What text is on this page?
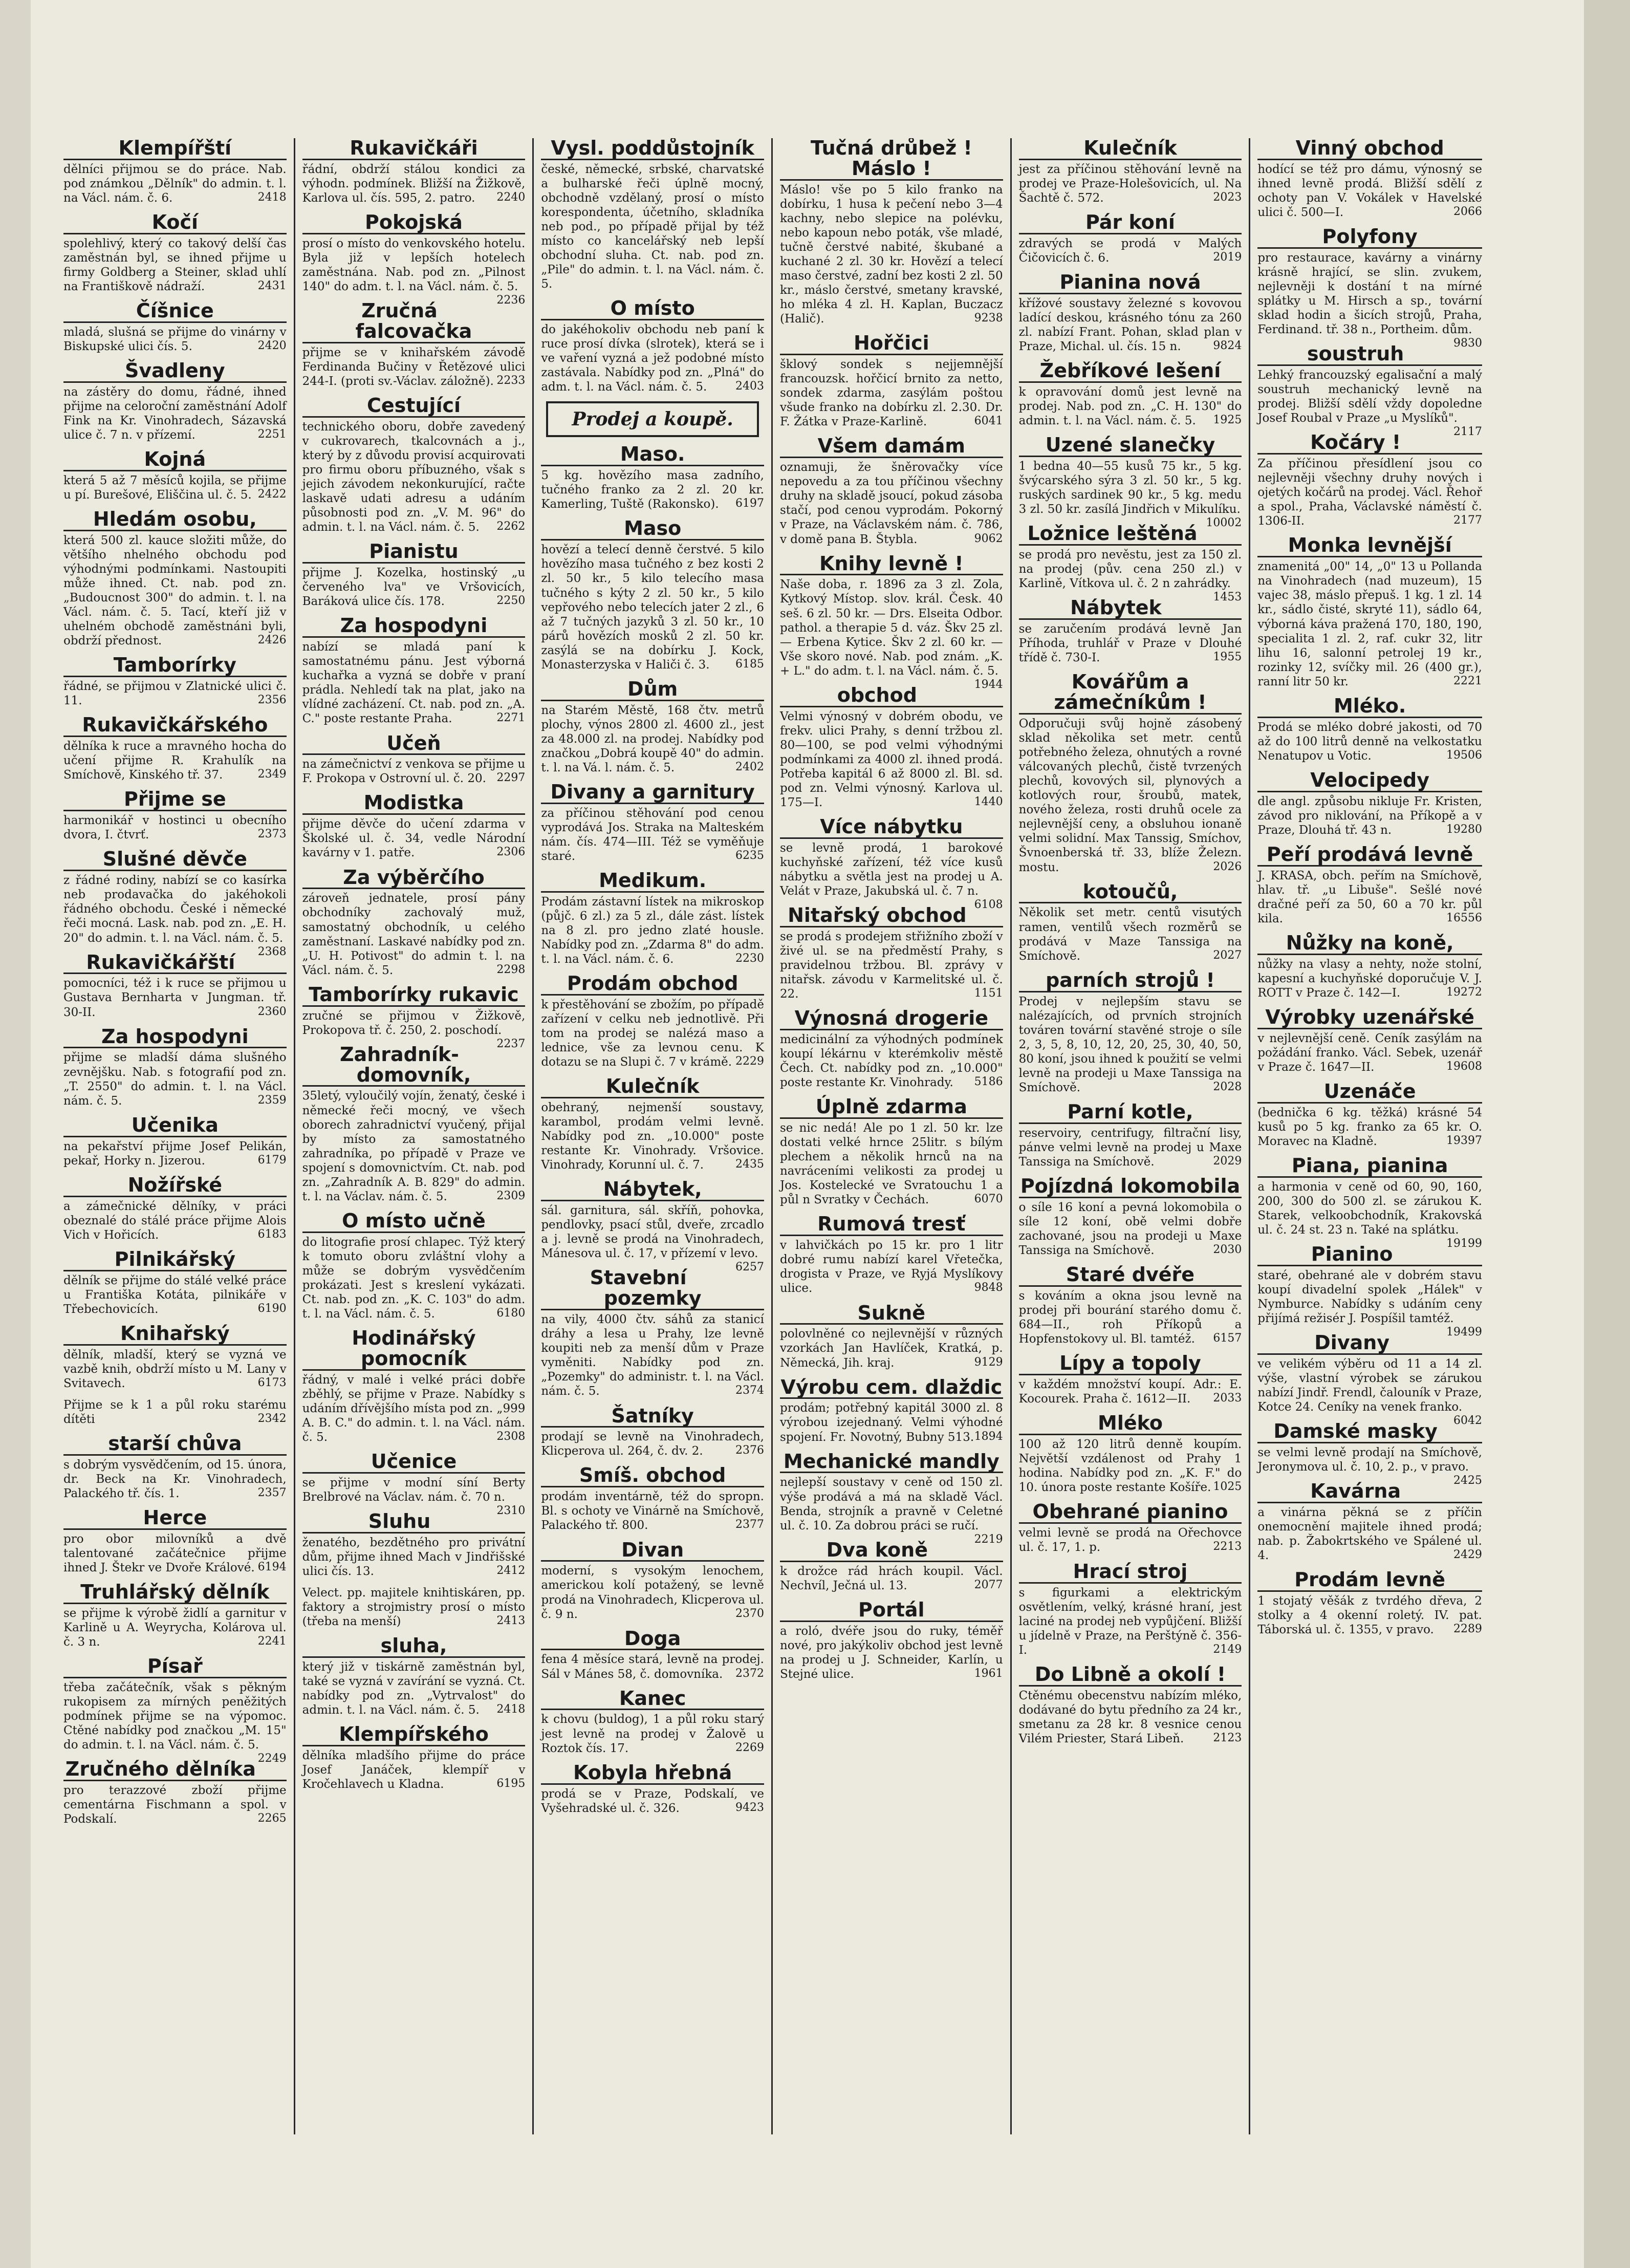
Klempířští
dělníci přijmou se do práce. Nab. pod známkou „Dělník" do admin. t. l. na Václ. nám. č. 6.	2418
Kočí
spolehlivý, který co takový delší čas zaměstnán byl, se ihned přijme u firmy Goldberg a Steiner, sklad uhlí na Františkově nádraží.	2431
Číšnice
mladá, slušná se přijme do vinárny v Biskupské ulici čís. 5.	2420
Švadleny
na zástěry do domu, řádné, ihned přijme na celoroční zaměstnání Adolf Fink na Kr. Vinohradech, Sázavská ulice č. 7 n. v přízemí.	2251
Kojná
která 5 až 7 měsíců kojila, se přijme u pí. Burešové, Eliščina ul. č. 5. 2422
Hledám osobu,
která 500 zl. kauce složiti může, do většího nhelného obchodu pod výhodnými podmínkami. Nastoupiti může ihned. Ct. nab. pod zn. „Budoucnost 300" do admin. t. l. na Václ. nám. č. 5. Tací, kteří již v uhelném obchodě zaměstnáni byli, obdrží přednost.	2426
Tamborírky
řádné, se přijmou v Zlatnické ulici č. 11.	2356
Rukavičkářského
dělníka k ruce a mravného hocha do učení přijme R. Krahulík na Smíchově, Kinského tř. 37.	2349
Přijme se
harmonikář v hostinci u obecního dvora, I. čtvrť.	2373
Slušné děvče
z řádné rodiny, nabízí se co kasírka neb prodavačka do jakéhokoli řádného obchodu. České i německé řeči mocná. Lask. nab. pod zn. „E. H. 20" do admin. t. l. na Václ. nám. č. 5.
2368
Rukavičkářští
pomocníci, též i k ruce se přijmou u Gustava Bernharta v Jungman. tř. 30-II.	2360
Za hospodyni
přijme se mladší dáma slušného zevnějšku. Nab. s fotografií pod zn. „T. 2550" do admin. t. l. na Václ. nám. č. 5.	2359
Učenika
na pekařství přijme Josef Pelikán, pekař, Horky n. Jizerou.	6179
Nožířské
a zámečnické dělníky, v práci obeznalé do stálé práce přijme Alois Vich v Hořicích.	6183
Pilnikářský
dělník se přijme do stálé velké práce u Františka Kotáta, pilnikáře v Třebechovicích.	6190
Knihařský
dělník, mladší, který se vyzná ve vazbě knih, obdrží místo u M. Lany v Svitavech.	6173
Přijme se k 1 a půl roku starému dítěti	2342
starší chůva
s dobrým vysvědčením, od 15. února, dr. Beck na Kr. Vinohradech, Palackého tř. čís. 1.	2357
Herce
pro obor milovníků a dvě talentované začátečnice přijme ihned J. Štekr ve Dvoře Králové. 6194
Truhlářský dělník
se přijme k výrobě židlí a garnitur v Karlině u A. Weyrycha, Kolárova ul. č. 3 n.	2241
Písař
třeba začátečník, však s pěkným rukopisem za mírných peněžitých podmínek přijme se na výpomoc. Ctěné nabídky pod značkou „M. 15" do admin. t. l. na Václ. nám. č. 5.
2249
Zručného dělníka
pro terazzové zboží přijme cementárna Fischmann a spol. v Podskalí.	2265
Rukavičkáři
řádní, obdrží stálou kondici za výhodn. podmínek. Bližší na Žižkově, Karlova ul. čís. 595, 2. patro. 2240
Pokojská
prosí o místo do venkovského hotelu. Byla již v lepších hotelech zaměstnána. Nab. pod zn. „Pilnost 140" do adm. t. l. na Václ. nám. č. 5.
2236
Zručná falcovačka
přijme se v knihařském závodě Ferdinanda Bučiny v Řetězové ulici 244-I. (proti sv.-Václav. záložně). 2233
Cestující
technického oboru, dobře zavedený v cukrovarech, tkalcovnách a j., který by z důvodu provisí acquirovati pro firmu oboru příbuzného, však s jejich závodem nekonkurující, račte laskavě udati adresu a udáním působnosti pod zn. „V. M. 96" do admin. t. l. na Václ. nám. č. 5. 2262
Pianistu
přijme J. Kozelka, hostinský „u červeného lva" ve Vršovicích, Baráková ulice čís. 178.	2250
Za hospodyni
nabízí se mladá paní k samostatnému pánu. Jest výborná kuchařka a vyzná se dobře v praní prádla. Nehledí tak na plat, jako na vlídné zacházení. Ct. nab. pod zn. „A. C." poste restante Praha.	2271
Učeň
na zámečnictví z venkova se přijme u F. Prokopa v Ostrovní ul. č. 20. 2297
Modistka
přijme děvče do učení zdarma v Školské ul. č. 34, vedle Národní kavárny v 1. patře.	2306
Za výběrčího
zároveň jednatele, prosí pány obchodníky zachovalý muž, samostatný obchodník, u celého zaměstnaní. Laskavé nabídky pod zn. „U. H. Potivost" do admin t. l. na Václ. nám. č. 5.	2298
Tamborírky rukavic
zručné se přijmou v Žižkově, Prokopova tř. č. 250, 2. poschodí.
2237
Zahradník-domovník,
35letý, vyloučilý vojín, ženatý, české i německé řeči mocný, ve všech oborech zahradnictví vyučený, přijal by místo za samostatného zahradníka, po případě v Praze ve spojení s domovnictvím. Ct. nab. pod zn. „Zahradník A. B. 829" do admin. t. l. na Václav. nám. č. 5.	2309
O místo učně
do litografie prosí chlapec. Týž který k tomuto oboru zvláštní vlohy a může se dobrým vysvědčením prokázati. Jest s kreslení vykázati. Ct. nab. pod zn. „K. C. 103" do adm. t. l. na Václ. nám. č. 5.	6180
Hodinářský pomocník
řádný, v malé i velké práci dobře zběhlý, se přijme v Praze. Nabídky s udáním dřívějšího místa pod zn. „999 A. B. C." do admin. t. l. na Václ. nám. č. 5.	2308
Učenice
se přijme v modní síní Berty Brelbrové na Václav. nám. č. 70 n.
2310
Sluhu
ženatého, bezdětného pro privátní dům, přijme ihned Mach v Jindřišské ulici čís. 13.	2412
Velect. pp. majitele knihtiskáren, pp. faktory a strojmistry prosí o místo (třeba na menší)	2413
sluha,
který již v tiskárně zaměstnán byl, také se vyzná v zavírání se vyzná. Ct. nabídky pod zn. „Vytrvalost" do admin. t. l. na Václ. nám. č. 5. 2418
Klempířského
dělníka mladšího přijme do práce Josef Janáček, klempíř v Kročehlavech u Kladna.	6195
Vysl. poddůstojník
české, německé, srbské, charvatské a bulharské řeči úplně mocný, obchodně vzdělaný, prosí o místo korespondenta, účetního, skladníka neb pod., po případě přijal by též místo co kancelářský neb lepší obchodní sluha. Ct. nab. pod zn. „Pile" do admin. t. l. na Václ. nám. č. 5.
O místo
do jakéhokoliv obchodu neb paní k ruce prosí dívka (slrotek), která se i ve vaření vyzná a jež podobné místo zastávala. Nabídky pod zn. „Plná" do adm. t. l. na Václ. nám. č. 5.	2403
Prodej a koupě.
Maso.
5 kg. hovězího masa zadního, tučného franko za 2 zl. 20 kr. Kamerling, Tuště (Rakonsko). 6197
Maso
hovězí a telecí denně čerstvé. 5 kilo hovězího masa tučného z bez kosti 2 zl. 50 kr., 5 kilo telecího masa tučného s kýty 2 zl. 50 kr., 5 kilo vepřového nebo telecích jater 2 zl., 6 až 7 tučných jazyků 3 zl. 50 kr., 10 párů hovězích mosků 2 zl. 50 kr. zasýlá se na dobírku J. Kock, Monasterzyska v Haliči č. 3. 6185
Dům
na Starém Městě, 168 čtv. metrů plochy, výnos 2800 zl. 4600 zl., jest za 48.000 zl. na prodej. Nabídky pod značkou „Dobrá koupě 40" do admin. t. l. na Vá. l. nám. č. 5.	2402
Divany a garnitury
za příčinou stěhování pod cenou vyprodává Jos. Straka na Malteském nám. čís. 474—III. Též se vyměňuje staré.	6235
Medikum.
Prodám zástavní lístek na mikroskop (půjč. 6 zl.) za 5 zl., dále zást. lístek na 8 zl. pro jedno zlaté housle. Nabídky pod zn. „Zdarma 8" do adm. t. l. na Václ. nám. č. 6.	2230
Prodám obchod
k přestěhování se zbožím, po případě zařízení v celku neb jednotlivě. Při tom na prodej se nalézá maso a lednice, vše za levnou cenu. K dotazu se na Slupi č. 7 v krámě. 2229
Kulečník
obehraný, nejmenší soustavy, karambol, prodám velmi levně. Nabídky pod zn. „10.000" poste restante Kr. Vinohrady. Vršovice. Vinohrady, Korunní ul. č. 7.	2435
Nábytek,
sál. garnitura, sál. skříň, pohovka, pendlovky, psací stůl, dveře, zrcadlo a j. levně se prodá na Vinohradech, Mánesova ul. č. 17, v přízemí v levo.
6257
Stavební pozemky
na vily, 4000 čtv. sáhů za stanicí dráhy a lesa u Prahy, lze levně koupiti neb za menší dům v Praze vyměniti. Nabídky pod zn. „Pozemky" do administr. t. l. na Václ. nám. č. 5.	2374
Šatníky
prodají se levně na Vinohradech, Klicperova ul. 264, č. dv. 2.	2376
Smíš. obchod
prodám inventárně, též do spropn. Bl. s ochoty ve Vinárně na Smíchově, Palackého tř. 800.	2377
Divan
moderní, s vysokým lenochem, americkou kolí potažený, se levně prodá na Vinohradech, Klicperova ul. č. 9 n.	2370
Doga
fena 4 měsíce stará, levně na prodej. Sál v Mánes 58, č. domovníka. 2372
Kanec
k chovu (buldog), 1 a půl roku starý jest levně na prodej v Žalově u Roztok čís. 17.	2269
Kobyla hřebná
prodá se v Praze, Podskalí, ve Vyšehradské ul. č. 326.	9423
Tučná drůbež ! Máslo !
Máslo! vše po 5 kilo franko na dobírku, 1 husa k pečení nebo 3—4 kachny, nebo slepice na polévku, nebo kapoun nebo poták, vše mladé, tučně čerstvé nabité, škubané a kuchané 2 zl. 30 kr. Hovězí a telecí maso čerstvé, zadní bez kosti 2 zl. 50 kr., máslo čerstvé, smetany kravské, ho mléka 4 zl. H. Kaplan, Buczacz (Halič).	9238
Hořčici
šklový sondek s nejjemnější francouzsk. hořčicí brnito za netto, sondek zdarma, zasýlám poštou všude franko na dobírku zl. 2.30. Dr. F. Žátka v Praze-Karlině.	6041
Všem damám
oznamuji, že šněrovačky více nepovedu a za tou příčinou všechny druhy na skladě jsoucí, pokud zásoba stačí, pod cenou vyprodám. Pokorný v Praze, na Václavském nám. č. 786, v domě pana B. Štybla.	9062
Knihy levně !
Naše doba, r. 1896 za 3 zl. Zola, Kytkový Místop. slov. král. Česk. 40 seš. 6 zl. 50 kr. — Drs. Elseita Odbor. pathol. a therapie 5 d. váz. Škv 25 zl. — Erbena Kytice. Škv 2 zl. 60 kr. — Vše skoro nové. Nab. pod znám. „K. + L." do adm. t. l. na Václ. nám. č. 5.
1944
obchod
Velmi výnosný v dobrém obodu, ve frekv. ulici Prahy, s denní tržbou zl. 80—100, se pod velmi výhodnými podmínkami za 4000 zl. ihned prodá. Potřeba kapitál 6 až 8000 zl. Bl. sd. pod zn. Velmi výnosný. Karlova ul. 175—I.	1440
Více nábytku
se levně prodá, 1 barokové kuchyňské zařízení, též více kusů nábytku a světla jest na prodej u A. Velát v Praze, Jakubská ul. č. 7 n.
6108
Nitařský obchod
se prodá s prodejem střižního zboží v živé ul. se na předměstí Prahy, s pravidelnou tržbou. Bl. zprávy v nitařsk. závodu v Karmelitské ul. č. 22.	1151
Výnosná drogerie
medicinální za výhodných podmínek koupí lékárnu v kterémkoliv městě Čech. Ct. nabídky pod zn. „10.000" poste restante Kr. Vinohrady. 5186
Úplně zdarma
se nic nedá! Ale po 1 zl. 50 kr. lze dostati velké hrnce 25litr. s bílým plechem a několik hrnců na na navráceními velikosti za prodej u Jos. Kostelecké ve Svratouchu 1 a půl n Svratky v Čechách.	6070
Rumová tresť
v lahvičkách po 15 kr. pro 1 litr dobré rumu nabízí karel Vřetečka, drogista v Praze, ve Ryjá Myslíkovy ulice.	9848
Sukně
polovlněné co nejlevnější v různých vzorkách Jan Havlíček, Kratká, p. Německá, Jih. kraj.	9129
Výrobu cem. dlaždic
prodám; potřebný kapitál 3000 zl. 8 výrobou izejednaný. Velmi výhodné spojení. Fr. Novotný, Bubny 513. 1894
Mechanické mandly
nejlepší soustavy v ceně od 150 zl. výše prodává a má na skladě Václ. Benda, strojník a pravně v Celetné ul. č. 10. Za dobrou práci se ručí.
2219
Dva koně
k drožce rád hrách koupil. Václ. Nechvíl, Ječná ul. 13.	2077
Portál
a roló, dvéře jsou do ruky, téměř nové, pro jakýkoliv obchod jest levně na prodej u J. Schneider, Karlín, u Stejné ulice.	1961
Kulečník
jest za příčinou stěhování levně na prodej ve Praze-Holešovicích, ul. Na Šachtě č. 572.	2023
Pár koní
zdravých se prodá v Malých Čičovicích č. 6.	2019
Pianina nová
křížové soustavy železné s kovovou ladící deskou, krásného tónu za 260 zl. nabízí Frant. Pohan, sklad plan v Praze, Michal. ul. čís. 15 n.	9824
Žebříkové lešení
k opravování domů jest levně na prodej. Nab. pod zn. „C. H. 130" do admin. t. l. na Václ. nám. č. 5. 1925
Uzené slanečky
1 bedna 40—55 kusů 75 kr., 5 kg. švýcarského sýra 3 zl. 50 kr., 5 kg. ruských sardinek 90 kr., 5 kg. medu 3 zl. 50 kr. zasílá Jindřich v Mikulíku.
10002
Ložnice leštěná
se prodá pro nevěstu, jest za 150 zl. na prodej (pův. cena 250 zl.) v Karlině, Vítkova ul. č. 2 n zahrádky.
1453
Nábytek
se zaručením prodává levně Jan Příhoda, truhlář v Praze v Dlouhé třídě č. 730-I.	1955
Kovářům a zámečníkům !
Odporučuji svůj hojně zásobený sklad několika set metr. centů potřebného železa, ohnutých a rovné válcovaných plechů, čistě tvrzených plechů, kovových sil, plynových a kotlových rour, šroubů, matek, nového železa, rosti druhů ocele za nejlevnější ceny, a obsluhou ionaně velmi solidní. Max Tanssig, Smíchov, Švnoenberská tř. 33, blíže Železn. mostu.	2026
kotoučů,
Několik set metr. centů visutých ramen, ventilů všech rozměrů se prodává v Maze Tanssiga na Smíchově.	2027
parních strojů !
Prodej v nejlepším stavu se nalézajících, od prvních strojních továren tovární stavěné stroje o síle 2, 3, 5, 8, 10, 12, 20, 25, 30, 40, 50, 80 koní, jsou ihned k použití se velmi levně na prodeji u Maxe Tanssiga na Smíchově.	2028
Parní kotle,
reservoiry, centrifugy, filtrační lisy, pánve velmi levně na prodej u Maxe Tanssiga na Smíchově.	2029
Pojízdná lokomobila
o síle 16 koní a pevná lokomobila o síle 12 koní, obě velmi dobře zachované, jsou na prodeji u Maxe Tanssiga na Smíchově.	2030
Staré dvéře
s kováním a okna jsou levně na prodej při bourání starého domu č. 684—II., roh Příkopů a Hopfenstokovy ul. Bl. tamtéž. 6157
Lípy a topoly
v každém množství koupí. Adr.: E. Kocourek. Praha č. 1612—II. 2033
Mléko
100 až 120 litrů denně koupím. Největší vzdálenost od Prahy 1 hodina. Nabídky pod zn. „K. F." do 10. února poste restante Košíře. 1025
Obehrané pianino
velmi levně se prodá na Ořechovce ul. č. 17, 1. p.	2213
Hrací stroj
s figurkami a elektrickým osvětlením, velký, krásné hraní, jest laciné na prodej neb vypůjčení. Bližší u jídelně v Praze, na Perštýně č. 356-I.	2149
Do Libně a okolí !
Ctěnému obecenstvu nabízím mléko, dodávané do bytu předního za 24 kr., smetanu za 28 kr. 8 vesnice cenou Vilém Priester, Stará Libeň.	2123
Vinný obchod
hodící se též pro dámu, výnosný se ihned levně prodá. Bližší sdělí z ochoty pan V. Vokálek v Havelské ulici č. 500—I.	2066
Polyfony
pro restaurace, kavárny a vinárny krásně hrající, se slin. zvukem, nejlevněji k dostání t na mírné splátky u M. Hirsch a sp., tovární sklad hodin a šicích strojů, Praha, Ferdinand. tř. 38 n., Portheim. dům.
9830
soustruh
Lehký francouzský egalisační a malý soustruh mechanický levně na prodej. Bližší sdělí vždy dopoledne Josef Roubal v Praze „u Myslíků".
2117
Kočáry !
Za příčinou přesídlení jsou co nejlevněji všechny druhy nových i ojetých kočárů na prodej. Václ. Řehoř a spol., Praha, Václavské náměstí č. 1306-II.	2177
Monka levnější
znamenitá „00" 14, „0" 13 u Pollanda na Vinohradech (nad muzeum), 15 vajec 38, máslo přepuš. 1 kg. 1 zl. 14 kr., sádlo čisté, skryté 11), sádlo 64, výborná káva pražená 170, 180, 190, specialita 1 zl. 2, raf. cukr 32, litr lihu 16, salonní petrolej 19 kr., rozinky 12, svíčky mil. 26 (400 gr.), ranní litr 50 kr.	2221
Mléko.
Prodá se mléko dobré jakosti, od 70 až do 100 litrů denně na velkostatku Nenatupov u Votic.	19506
Velocipedy
dle angl. způsobu nikluje Fr. Kristen, závod pro niklování, na Příkopě a v Praze, Dlouhá tř. 43 n.	19280
Peří prodává levně
J. KRASA, obch. peřím na Smíchově, hlav. tř. „u Libuše". Sešlé nové dračné peří za 50, 60 a 70 kr. půl kila.	16556
Nůžky na koně,
nůžky na vlasy a nehty, nože stolní, kapesní a kuchyňské doporučuje V. J. ROTT v Praze č. 142—I.	19272
Výrobky uzenářské
v nejlevnější ceně. Ceník zasýlám na požádání franko. Václ. Sebek, uzenář v Praze č. 1647—II.	19608
Uzenáče
(bednička 6 kg. těžká) krásné 54 kusů po 5 kg. franko za 65 kr. O. Moravec na Kladně.	19397
Piana, pianina
a harmonia v ceně od 60, 90, 160, 200, 300 do 500 zl. se zárukou K. Starek, velkoobchodník, Krakovská ul. č. 24 st. 23 n. Také na splátku.
19199
Pianino
staré, obehrané ale v dobrém stavu koupí divadelní spolek „Hálek" v Nymburce. Nabídky s udáním ceny přijímá režisér J. Pospíšil tamtéž.
19499
Divany
ve velikém výběru od 11 a 14 zl. výše, vlastní výrobek se zárukou nabízí Jindř. Frendl, čalouník v Praze, Kotce 24. Ceníky na venek franko.
6042
Damské masky
se velmi levně prodají na Smíchově, Jeronymova ul. č. 10, 2. p., v pravo.
2425
Kavárna
a vinárna pěkná se z příčin onemocnění majitele ihned prodá; nab. p. Žabokrtského ve Spálené ul. 4.	2429
Prodám levně
1 stojatý věšák z tvrdého dřeva, 2 stolky a 4 okenní roletý. IV. pat. Táborská ul. č. 1355, v pravo. 2289
